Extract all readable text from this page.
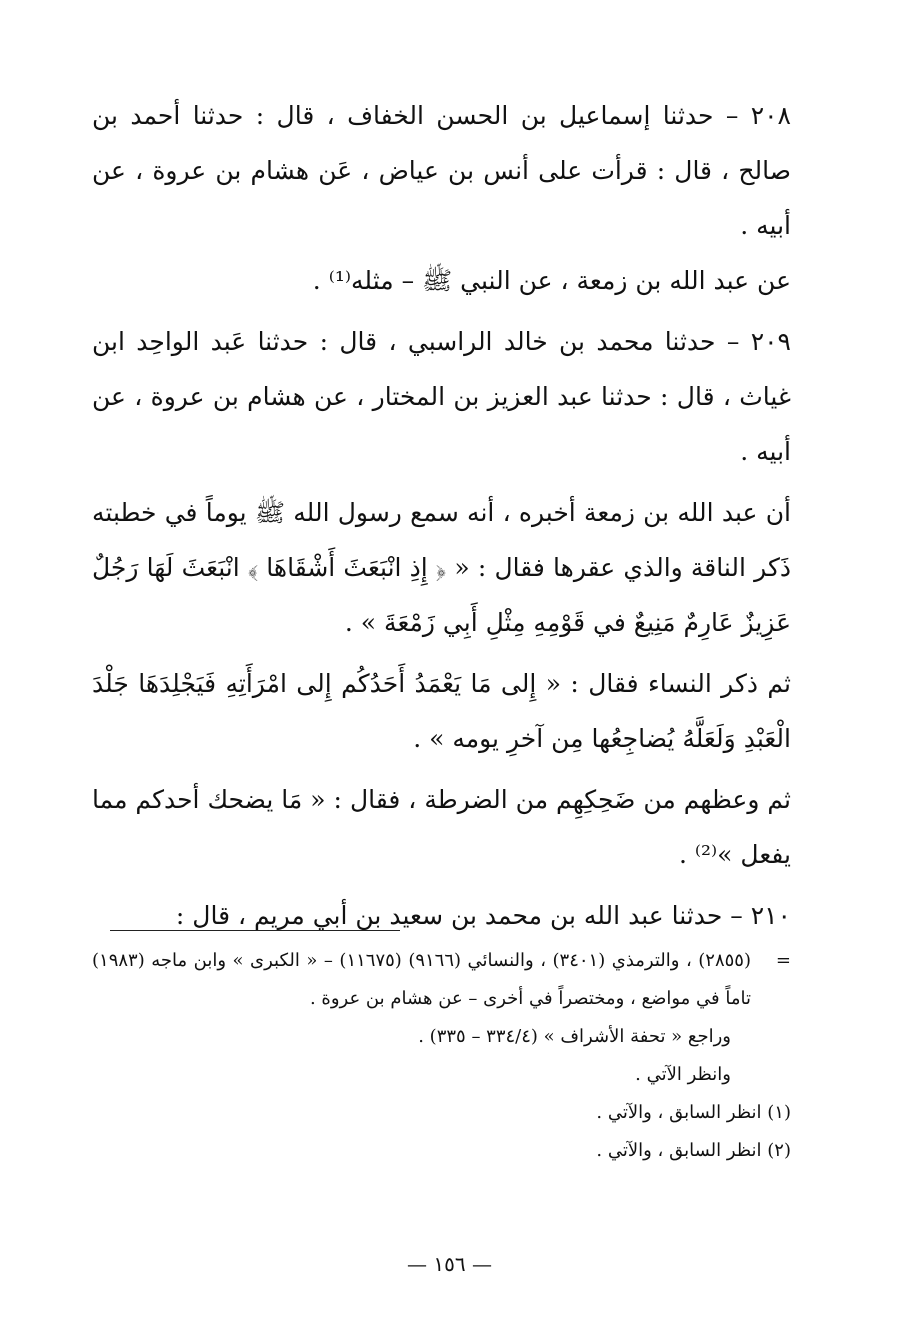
٢٠٨ – حدثنا إسماعيل بن الحسن الخفاف ، قال : حدثنا أحمد بن صالح ، قال : قرأت على أنس بن عياض ، عَن هشام بن عروة ، عن أبيه .

عن عبد الله بن زمعة ، عن النبي ﷺ – مثله⁽¹⁾ .

٢٠٩ – حدثنا محمد بن خالد الراسبي ، قال : حدثنا عَبد الواحِد ابن غياث ، قال : حدثنا عبد العزيز بن المختار ، عن هشام بن عروة ، عن أبيه .

أن عبد الله بن زمعة أخبره ، أنه سمع رسول الله ﷺ يوماً في خطبته ذَكر الناقة والذي عقرها فقال : « ﴿ إِذِ انْبَعَثَ أَشْقَاهَا ﴾ انْبَعَثَ لَهَا رَجُلٌ عَزِيزٌ عَارِمٌ مَنِيعٌ في قَوْمِهِ مِثْلِ أَبِي زَمْعَةَ » .

ثم ذكر النساء فقال : « إِلى مَا يَعْمَدُ أَحَدُكُم إِلى امْرَأَتِهِ فَيَجْلِدَهَا جَلْدَ الْعَبْدِ وَلَعَلَّهُ يُضاجِعُها مِن آخرِ يومه » .

ثم وعظهم من ضَحِكِهِم من الضرطة ، فقال : « مَا يضحك أحدكم مما يفعل »⁽²⁾ .

٢١٠ – حدثنا عبد الله بن محمد بن سعيد بن أبي مريم ، قال :

=
(٢٨٥٥) ، والترمذي (٣٤٠١) ، والنسائي (٩١٦٦) (١١٦٧٥) – « الكبرى » وابن ماجه (١٩٨٣) تاماً في مواضع ، ومختصراً في أخرى – عن هشام بن عروة .

وراجع « تحفة الأشراف » (٣٣٤/٤ – ٣٣٥) .

وانظر الآتي .

(١) انظر السابق ، والآتي .

(٢) انظر السابق ، والآتي .

— ١٥٦ —
